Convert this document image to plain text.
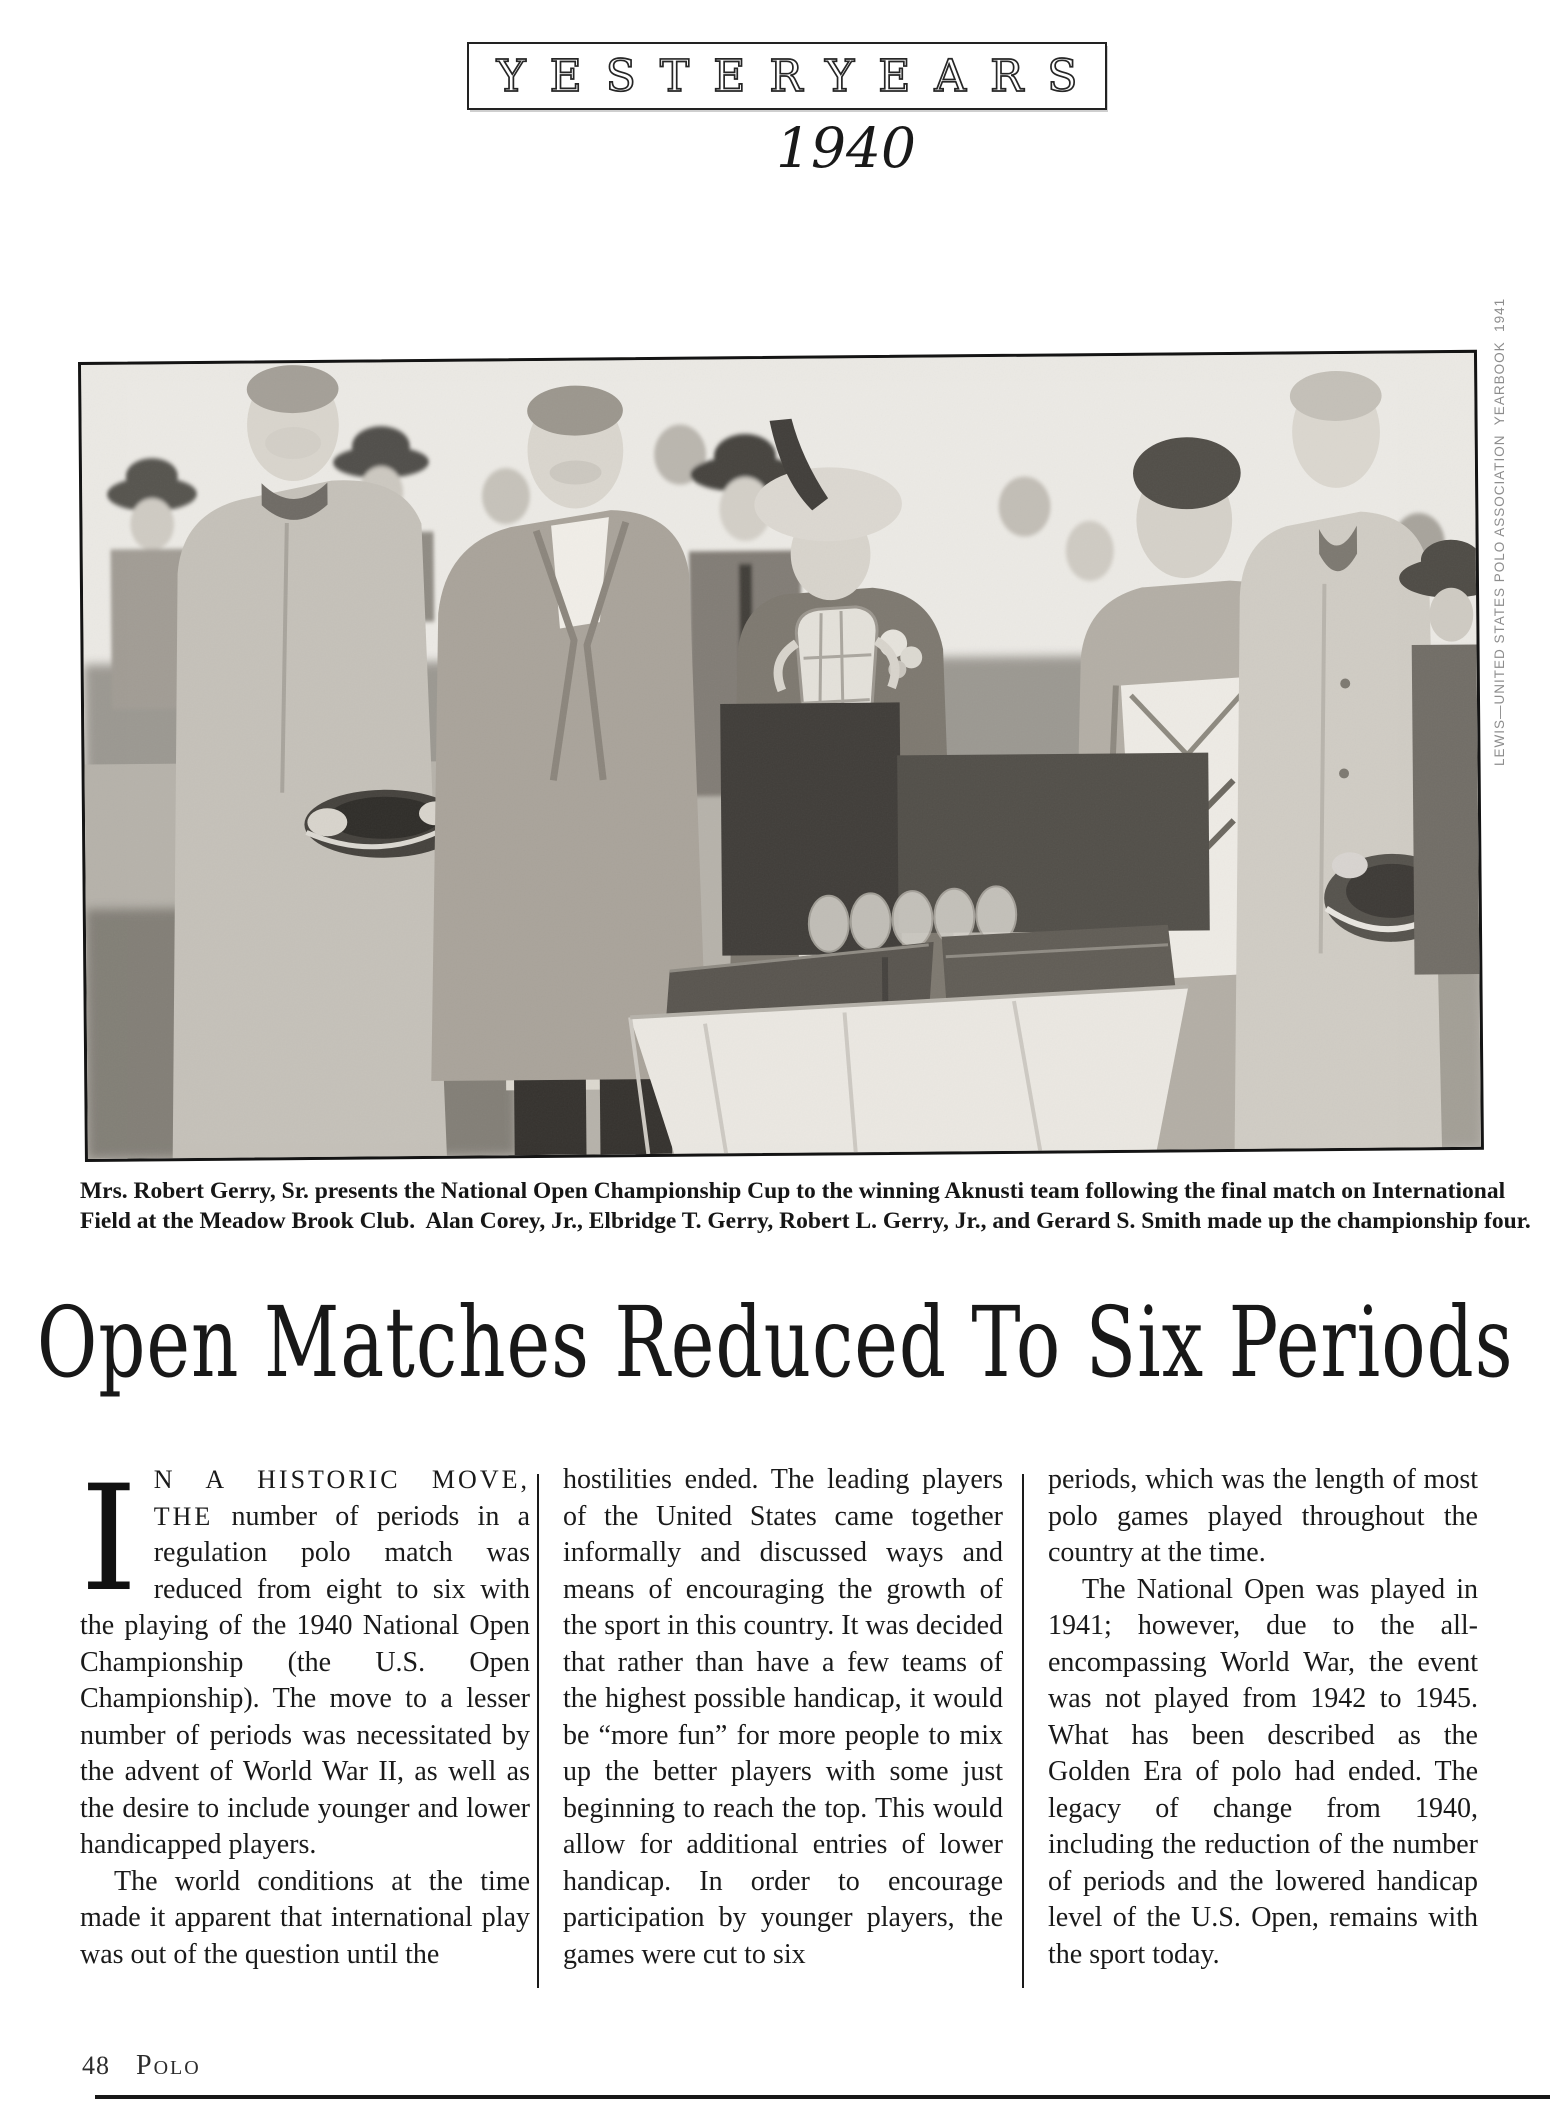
YESTERYEARS
1940
LEWIS—UNITED STATES POLO ASSOCIATION  YEARBOOK  1941
Mrs. Robert Gerry, Sr. presents the National Open Championship Cup to the winning Aknusti team following the final match on International
Field at the Meadow Brook Club.  Alan Corey, Jr., Elbridge T. Gerry, Robert L. Gerry, Jr., and Gerard S. Smith made up the championship four.
Open Matches Reduced To Six Periods

I N A HISTORIC MOVE, THE number of periods in a regulation polo match was reduced from eight to six with the playing of the 1940 National Open Championship (the U.S. Open Championship). The move to a lesser number of periods was necessitated by the advent of World War II, as well as the desire to include younger and lower handicapped players.

The world conditions at the time made it apparent that international play was out of the question until the

hostilities ended. The leading players of the United States came together informally and discussed ways and means of encouraging the growth of the sport in this country. It was decided that rather than have a few teams of the highest possible handicap, it would be “more fun” for more people to mix up the better players with some just beginning to reach the top. This would allow for additional entries of lower handicap. In order to encourage participation by younger players, the games were cut to six

periods, which was the length of most polo games played throughout the country at the time.

The National Open was played in 1941; however, due to the all-encompassing World War, the event was not played from 1942 to 1945. What has been described as the Golden Era of polo had ended. The legacy of change from 1940, including the reduction of the number of periods and the lowered handicap level of the U.S. Open, remains with the sport today.

48 Polo
